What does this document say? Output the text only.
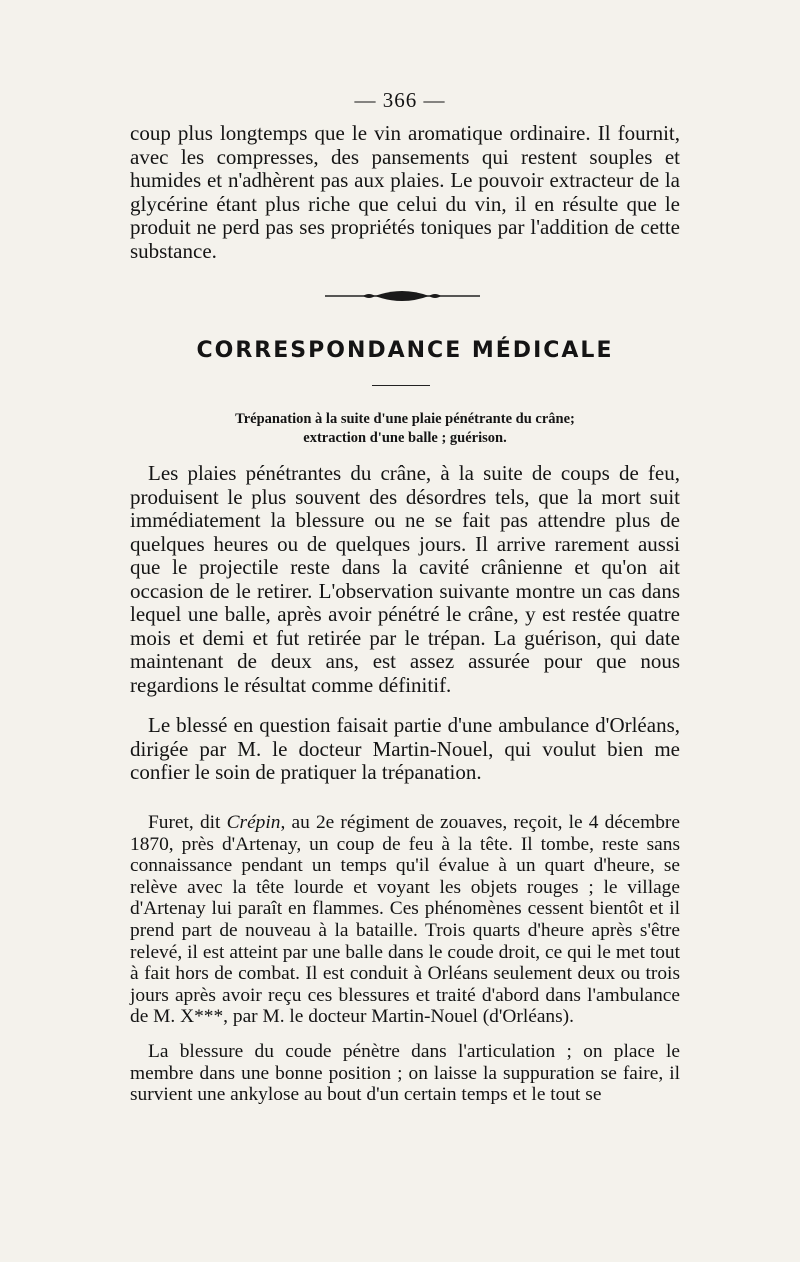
— 366 —

coup plus longtemps que le vin aromatique ordinaire. Il fournit, avec les compresses, des pansements qui restent souples et humides et n'adhèrent pas aux plaies. Le pouvoir extracteur de la glycérine étant plus riche que celui du vin, il en résulte que le produit ne perd pas ses propriétés toniques par l'addition de cette substance.

CORRESPONDANCE MÉDICALE
Trépanation à la suite d'une plaie pénétrante du crâne;
extraction d'une balle ; guérison.

Les plaies pénétrantes du crâne, à la suite de coups de feu, produisent le plus souvent des désordres tels, que la mort suit immédiatement la blessure ou ne se fait pas attendre plus de quelques heures ou de quelques jours. Il arrive rarement aussi que le projectile reste dans la cavité crânienne et qu'on ait occasion de le retirer. L'observation suivante montre un cas dans lequel une balle, après avoir pénétré le crâne, y est restée quatre mois et demi et fut retirée par le trépan. La guérison, qui date maintenant de deux ans, est assez assurée pour que nous regardions le résultat comme définitif.

Le blessé en question faisait partie d'une ambulance d'Orléans, dirigée par M. le docteur Martin-Nouel, qui voulut bien me confier le soin de pratiquer la trépanation.

Furet, dit Crépin, au 2e régiment de zouaves, reçoit, le 4 décembre 1870, près d'Artenay, un coup de feu à la tête. Il tombe, reste sans connaissance pendant un temps qu'il évalue à un quart d'heure, se relève avec la tête lourde et voyant les objets rouges ; le village d'Artenay lui paraît en flammes. Ces phénomènes cessent bientôt et il prend part de nouveau à la bataille. Trois quarts d'heure après s'être relevé, il est atteint par une balle dans le coude droit, ce qui le met tout à fait hors de combat. Il est conduit à Orléans seulement deux ou trois jours après avoir reçu ces blessures et traité d'abord dans l'ambulance de M. X***, par M. le docteur Martin-Nouel (d'Orléans).

La blessure du coude pénètre dans l'articulation ; on place le membre dans une bonne position ; on laisse la suppuration se faire, il survient une ankylose au bout d'un certain temps et le tout se
